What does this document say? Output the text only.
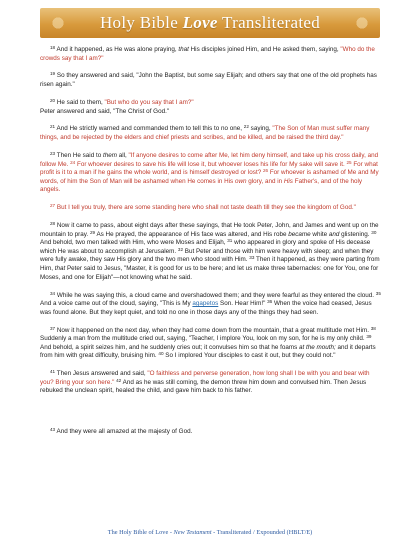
Holy Bible Love Transliterated
$^{18}$ And it happened, as He was alone praying, that His disciples joined Him, and He asked them, saying, "Who do the crowds say that I am?"
$^{19}$ So they answered and said, "John the Baptist, but some say Elijah; and others say that one of the old prophets has risen again."
$^{20}$ He said to them, "But who do you say that I am?"
Peter answered and said, "The Christ of God."
$^{21}$ And He strictly warned and commanded them to tell this to no one, $^{22}$ saying, "The Son of Man must suffer many things, and be rejected by the elders and chief priests and scribes, and be killed, and be raised the third day."
$^{23}$ Then He said to them all, "If anyone desires to come after Me, let him deny himself, and take up his cross daily, and follow Me. $^{24}$ For whoever desires to save his life will lose it, but whoever loses his life for My sake will save it. $^{25}$ For what profit is it to a man if he gains the whole world, and is himself destroyed or lost? $^{26}$ For whoever is ashamed of Me and My words, of him the Son of Man will be ashamed when He comes in His own glory, and in His Father's, and of the holy angels.
$^{27}$ But I tell you truly, there are some standing here who shall not taste death till they see the kingdom of God."
$^{28}$ Now it came to pass, about eight days after these sayings, that He took Peter, John, and James and went up on the mountain to pray. $^{29}$ As He prayed, the appearance of His face was altered, and His robe became white and glistening. $^{30}$ And behold, two men talked with Him, who were Moses and Elijah, $^{31}$ who appeared in glory and spoke of His decease which He was about to accomplish at Jerusalem. $^{32}$ But Peter and those with him were heavy with sleep; and when they were fully awake, they saw His glory and the two men who stood with Him. $^{33}$ Then it happened, as they were parting from Him, that Peter said to Jesus, "Master, it is good for us to be here; and let us make three tabernacles: one for You, one for Moses, and one for Elijah"—not knowing what he said.
$^{34}$ While he was saying this, a cloud came and overshadowed them; and they were fearful as they entered the cloud. $^{35}$ And a voice came out of the cloud, saying, "This is My agapetos Son. Hear Him!" $^{36}$ When the voice had ceased, Jesus was found alone. But they kept quiet, and told no one in those days any of the things they had seen.
$^{37}$ Now it happened on the next day, when they had come down from the mountain, that a great multitude met Him. $^{38}$ Suddenly a man from the multitude cried out, saying, "Teacher, I implore You, look on my son, for he is my only child. $^{39}$ And behold, a spirit seizes him, and he suddenly cries out; it convulses him so that he foams at the mouth; and it departs from him with great difficulty, bruising him. $^{40}$ So I implored Your disciples to cast it out, but they could not."
$^{41}$ Then Jesus answered and said, "O faithless and perverse generation, how long shall I be with you and bear with you? Bring your son here." $^{42}$ And as he was still coming, the demon threw him down and convulsed him. Then Jesus rebuked the unclean spirit, healed the child, and gave him back to his father.
$^{43}$ And they were all amazed at the majesty of God.
The Holy Bible of Love - New Testament - Transliterated / Expounded (HBLT/E)
